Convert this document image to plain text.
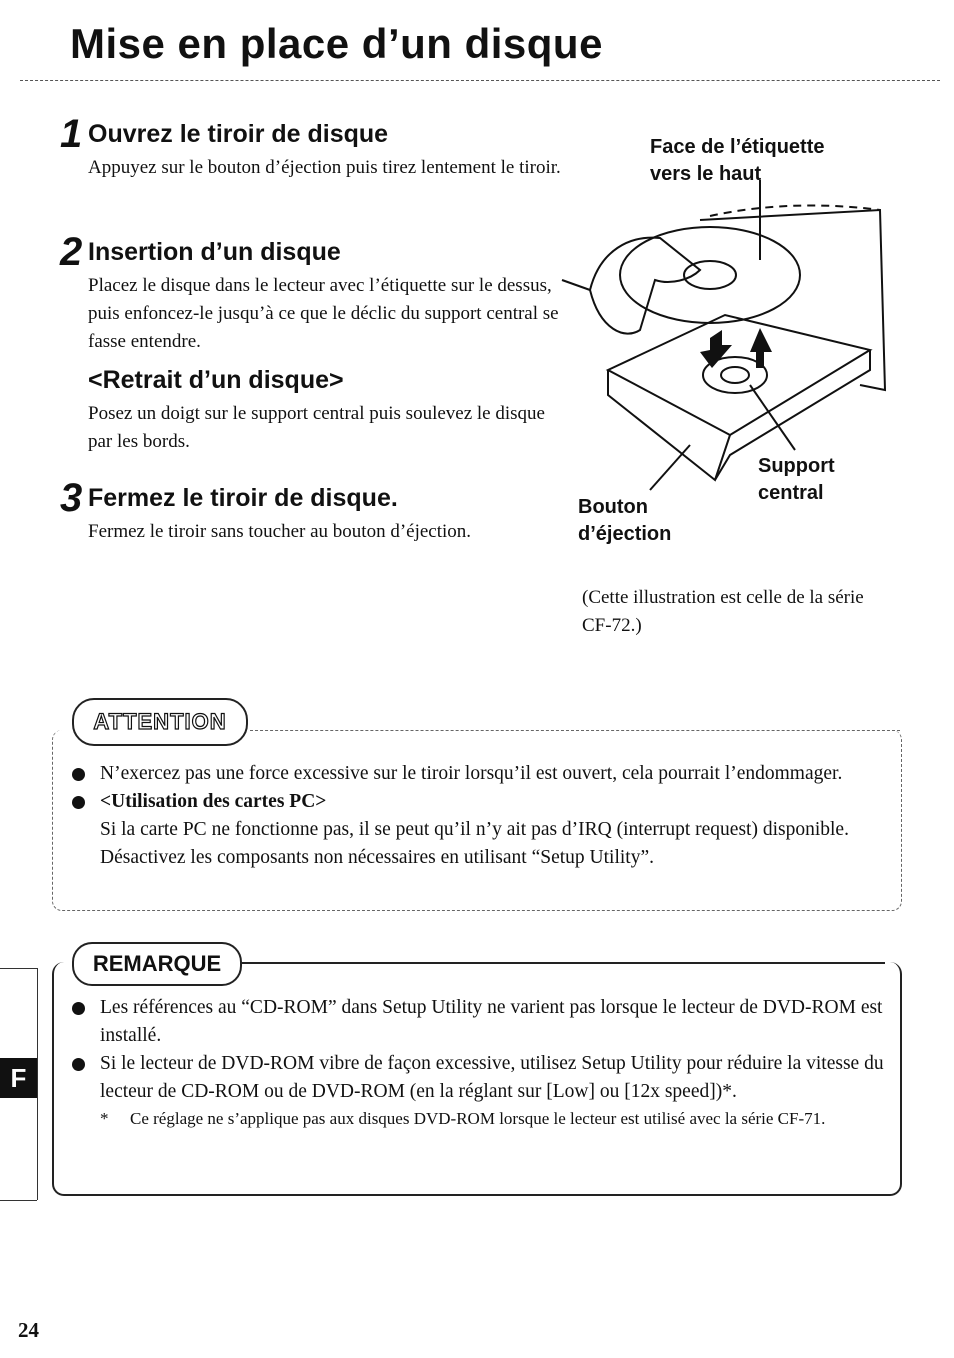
Mise en place d’un disque
1 Ouvrez le tiroir de disque
Appuyez sur le bouton d’éjection puis tirez lentement le tiroir.
2 Insertion d’un disque
Placez le disque dans le lecteur avec l’étiquette sur le dessus, puis enfoncez-le jusqu’à ce que le déclic du support central se fasse entendre.
<Retrait d’un disque>
Posez un doigt sur le support central puis soulevez le disque par les bords.
3 Fermez le tiroir de disque.
Fermez le tiroir sans toucher au bouton d’éjection.
Face de l’étiquette
vers le haut
Support
central
Bouton
d’éjection
(Cette illustration est celle de la série CF-72.)
ATTENTION
N’exercez pas une force excessive sur le tiroir lorsqu’il est ouvert, cela pourrait l’endommager.
<Utilisation des cartes PC>
Si la carte PC ne fonctionne pas, il se peut qu’il n’y ait pas d’IRQ (interrupt request) disponible. Désactivez les composants non nécessaires en utilisant “Setup Utility”.
REMARQUE
Les références au “CD-ROM” dans Setup Utility ne varient pas lorsque le lecteur de DVD-ROM est installé.
Si le lecteur de DVD-ROM vibre de façon excessive, utilisez Setup Utility pour réduire la vitesse du lecteur de CD-ROM ou de DVD-ROM (en la réglant sur [Low] ou [12x speed])*.
* Ce réglage ne s’applique pas aux disques DVD-ROM lorsque le lecteur est utilisé avec la série CF-71.
F
24
